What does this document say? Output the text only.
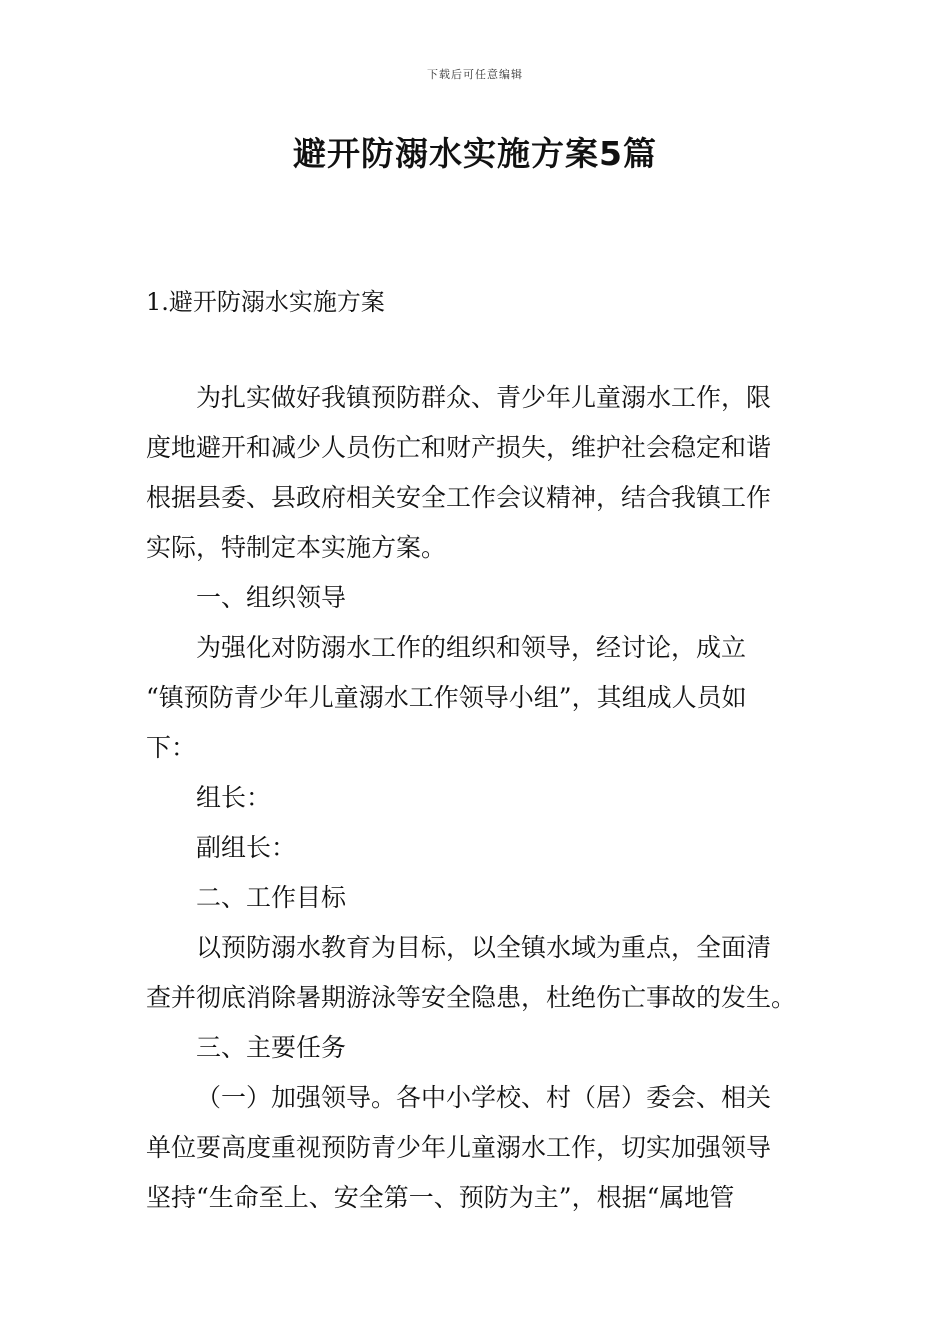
下载后可任意编辑
避开防溺水实施方案5篇
1.避开防溺水实施方案

为扎实做好我镇预防群众、青少年儿童溺水工作，限
度地避开和减少人员伤亡和财产损失，维护社会稳定和谐
根据县委、县政府相关安全工作会议精神，结合我镇工作
实际，特制定本实施方案。

一、组织领导

为强化对防溺水工作的组织和领导，经讨论，成立
“镇预防青少年儿童溺水工作领导小组”，其组成人员如
下：

组长：

副组长：

二、工作目标

以预防溺水教育为目标，以全镇水域为重点，全面清
查并彻底消除暑期游泳等安全隐患，杜绝伤亡事故的发生。

三、主要任务

（一）加强领导。各中小学校、村（居）委会、相关
单位要高度重视预防青少年儿童溺水工作，切实加强领导
坚持“生命至上、安全第一、预防为主”，根据“属地管
